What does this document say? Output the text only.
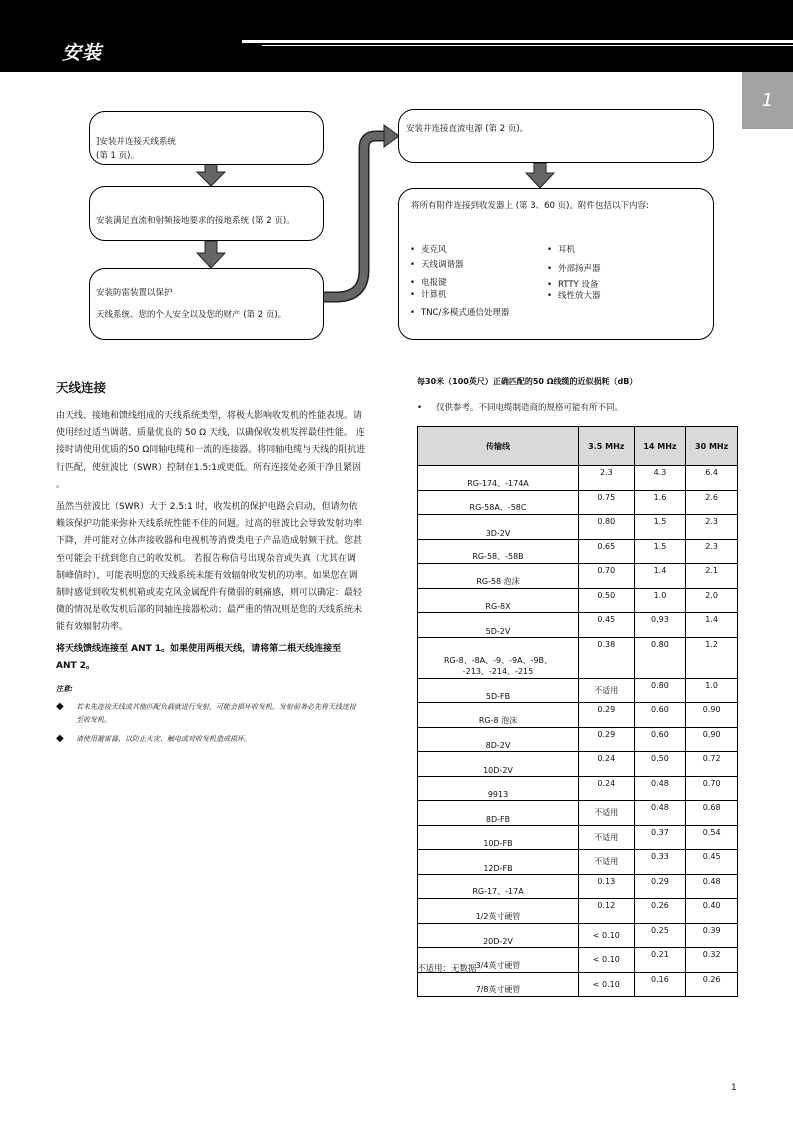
安装
1
]安装并连接天线系统
(第 1 页)。
安装满足直流和射频接地要求的接地系统 (第 2 页)。
安装防雷装置以保护
天线系统、您的个人安全以及您的财产 (第 2 页)。
安装并连接直流电源 (第 2 页)。
将所有附件连接到收发器上 (第 3、60 页)。附件包括以下内容:
• 麦克风
• 天线调谐器
• 电报键
• 计算机
• TNC/多模式通信处理器
• 耳机
• 外部扬声器
• RTTY 设备
• 线性放大器
天线连接
由天线、接地和馈线组成的天线系统类型，将极大影响收发机的性能表现。请
使用经过适当调谐、质量优良的 50 Ω 天线，以确保收发机发挥最佳性能。 连
接时请使用优质的50 Ω同轴电缆和一流的连接器。将同轴电缆与天线的阻抗进
行匹配，使驻波比（SWR）控制在1.5:1或更低。所有连接处必须干净且紧固
。
虽然当驻波比（SWR）大于 2.5:1 时，收发机的保护电路会启动，但请勿依
赖该保护功能来弥补天线系统性能不佳的问题。过高的驻波比会导致发射功率
下降，并可能对立体声接收器和电视机等消费类电子产品造成射频干扰。您甚
至可能会干扰到您自己的收发机。 若报告称信号出现杂音或失真（尤其在调
制峰值时），可能表明您的天线系统未能有效辐射收发机的功率。如果您在调
制时感觉到收发机机箱或麦克风金属配件有微弱的刺痛感，则可以确定：最轻
微的情况是收发机后部的同轴连接器松动；最严重的情况则是您的天线系统未
能有效辐射功率。
将天线馈线连接至 ANT 1。如果使用两根天线，请将第二根天线连接至
ANT 2。
注意:
◆ 若未先连接天线或其他匹配负载就进行发射，可能会损坏收发机。发射前务必先将天线连接
至收发机。
◆ 请使用避雷器，以防止火灾、触电或对收发机造成损坏。
每30米（100英尺）正确匹配的50 Ω线缆的近似损耗（dB）
• 仅供参考。不同电缆制造商的规格可能有所不同。
传输线	3.5 MHz	14 MHz	30 MHz
RG-174、-174A	2.3	4.3	6.4
RG-58A、-58C	0.75	1.6	2.6
3D-2V	0.80	1.5	2.3
RG-58、-58B	0.65	1.5	2.3
RG-58 泡沫	0.70	1.4	2.1
RG-8X	0.50	1.0	2.0
5D-2V	0.45	0.93	1.4
RG-8、-8A、-9、-9A、-9B、
-213、-214、-215	0.38	0.80	1.2
5D-FB	不适用	0.80	1.0
RG-8 泡沫	0.29	0.60	0.90
8D-2V	0.29	0.60	0.90
10D-2V	0.24	0.50	0.72
9913	0.24	0.48	0.70
8D-FB	不适用	0.48	0.68
10D-FB	不适用	0.37	0.54
12D-FB	不适用	0.33	0.45
RG-17、-17A	0.13	0.29	0.48
1/2英寸硬管	0.12	0.26	0.40
20D-2V	< 0.10	0.25	0.39
3/4英寸硬管	< 0.10	0.21	0.32
7/8英寸硬管	< 0.10	0.16	0.26
不适用：无数据
1
